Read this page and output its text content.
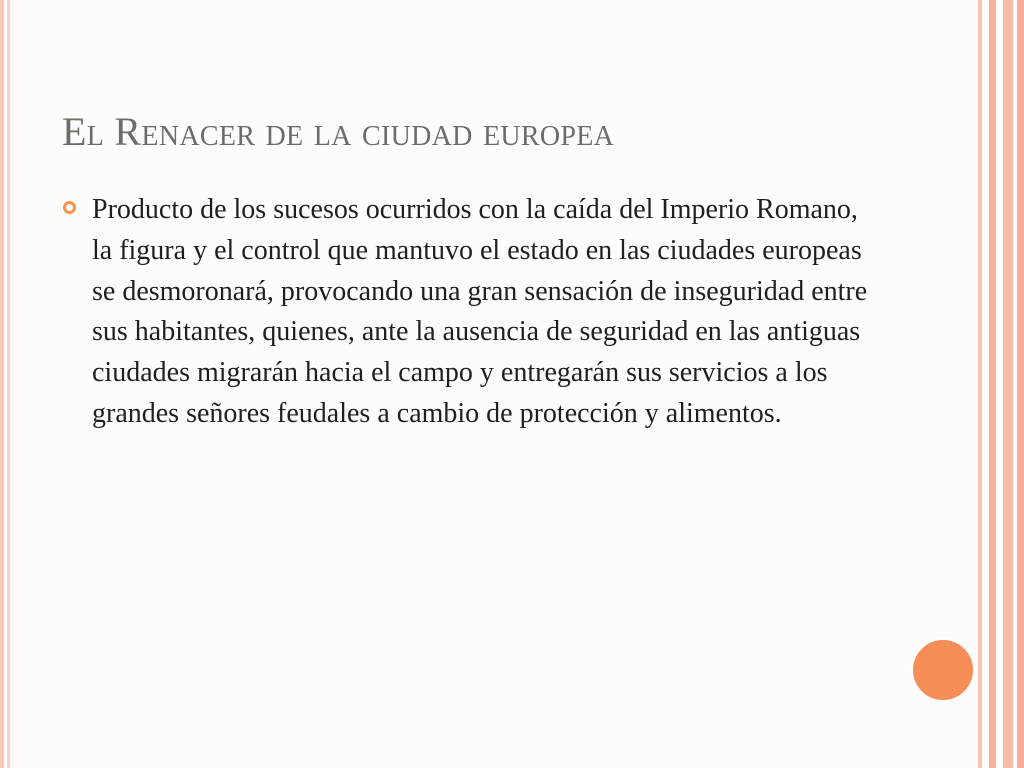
El Renacer de la ciudad europea
Producto de los sucesos ocurridos con la caída del Imperio Romano, la figura y el control que mantuvo el estado en las ciudades europeas se desmoronará, provocando una gran sensación de inseguridad entre sus habitantes, quienes, ante la ausencia de seguridad en las antiguas ciudades migrarán hacia el campo y entregarán sus servicios a los grandes señores feudales a cambio de protección y alimentos.
